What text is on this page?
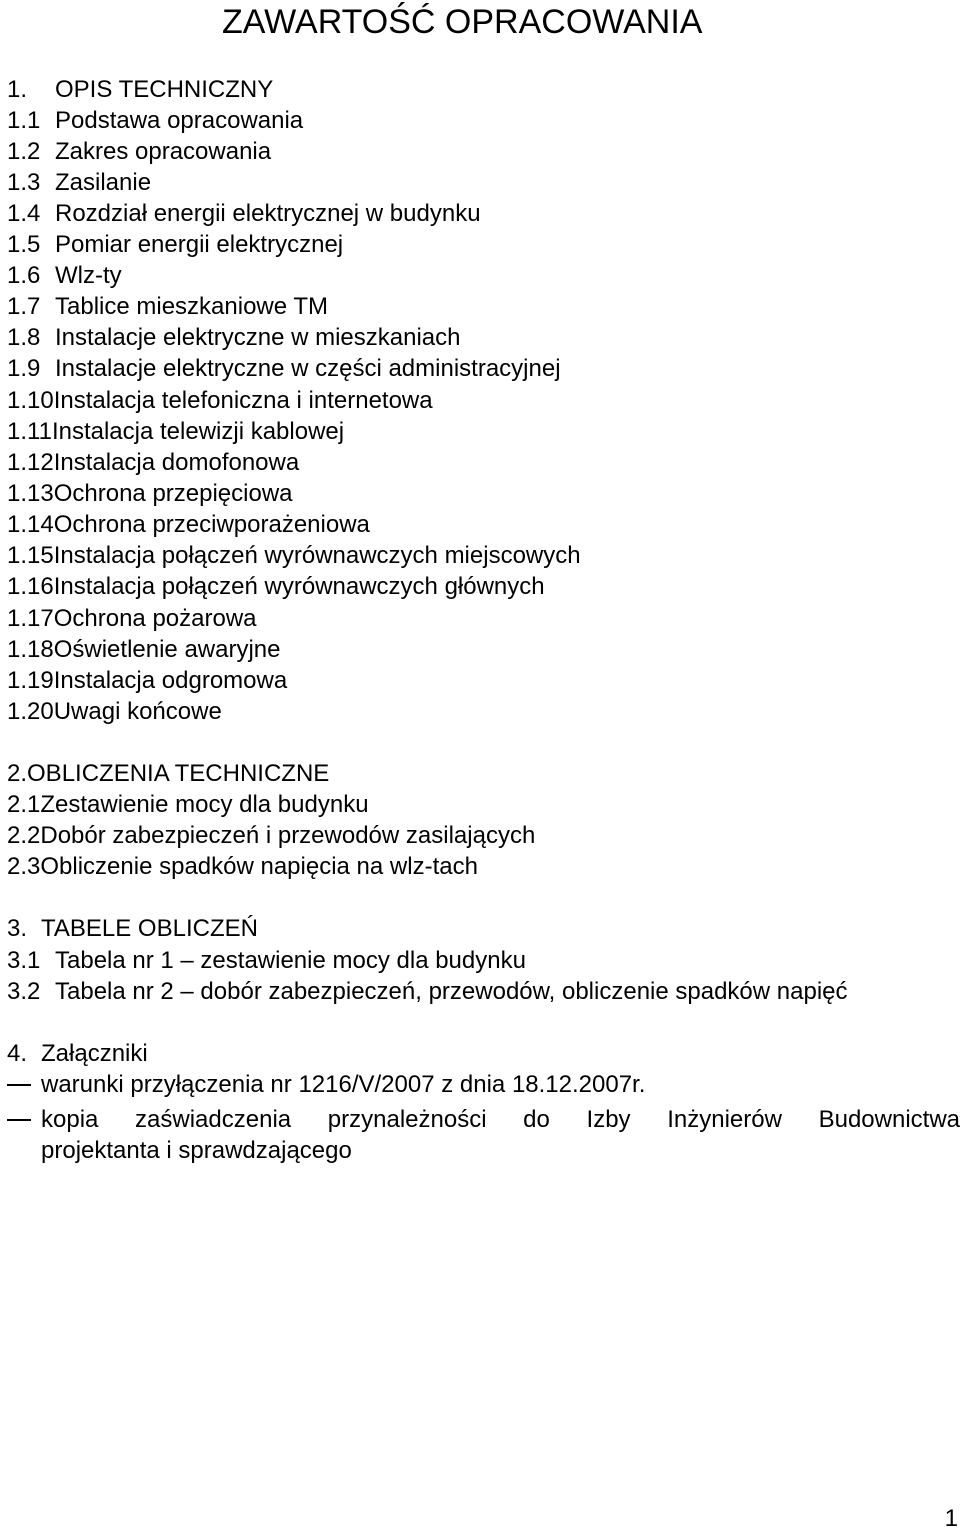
ZAWARTOŚĆ OPRACOWANIA
1. OPIS TECHNICZNY
1.1 Podstawa opracowania
1.2 Zakres opracowania
1.3 Zasilanie
1.4 Rozdział energii elektrycznej w budynku
1.5 Pomiar energii elektrycznej
1.6 Wlz-ty
1.7 Tablice mieszkaniowe TM
1.8 Instalacje elektryczne w mieszkaniach
1.9 Instalacje elektryczne w części administracyjnej
1.10Instalacja telefoniczna i internetowa
1.11Instalacja telewizji kablowej
1.12Instalacja domofonowa
1.13Ochrona przepięciowa
1.14Ochrona przeciwporażeniowa
1.15Instalacja połączeń wyrównawczych miejscowych
1.16Instalacja połączeń wyrównawczych głównych
1.17Ochrona pożarowa
1.18Oświetlenie awaryjne
1.19Instalacja odgromowa
1.20Uwagi końcowe
2.OBLICZENIA TECHNICZNE
2.1Zestawienie mocy dla budynku
2.2Dobór zabezpieczeń i przewodów zasilających
2.3Obliczenie spadków napięcia na wlz-tach
3. TABELE OBLICZEŃ
3.1 Tabela nr 1 – zestawienie mocy dla budynku
3.2 Tabela nr 2 – dobór zabezpieczeń, przewodów, obliczenie spadków napięć
4. Załączniki
warunki przyłączenia nr 1216/V/2007 z dnia 18.12.2007r.
kopia zaświadczenia przynależności do Izby Inżynierów Budownictwa
projektanta i sprawdzającego
1
